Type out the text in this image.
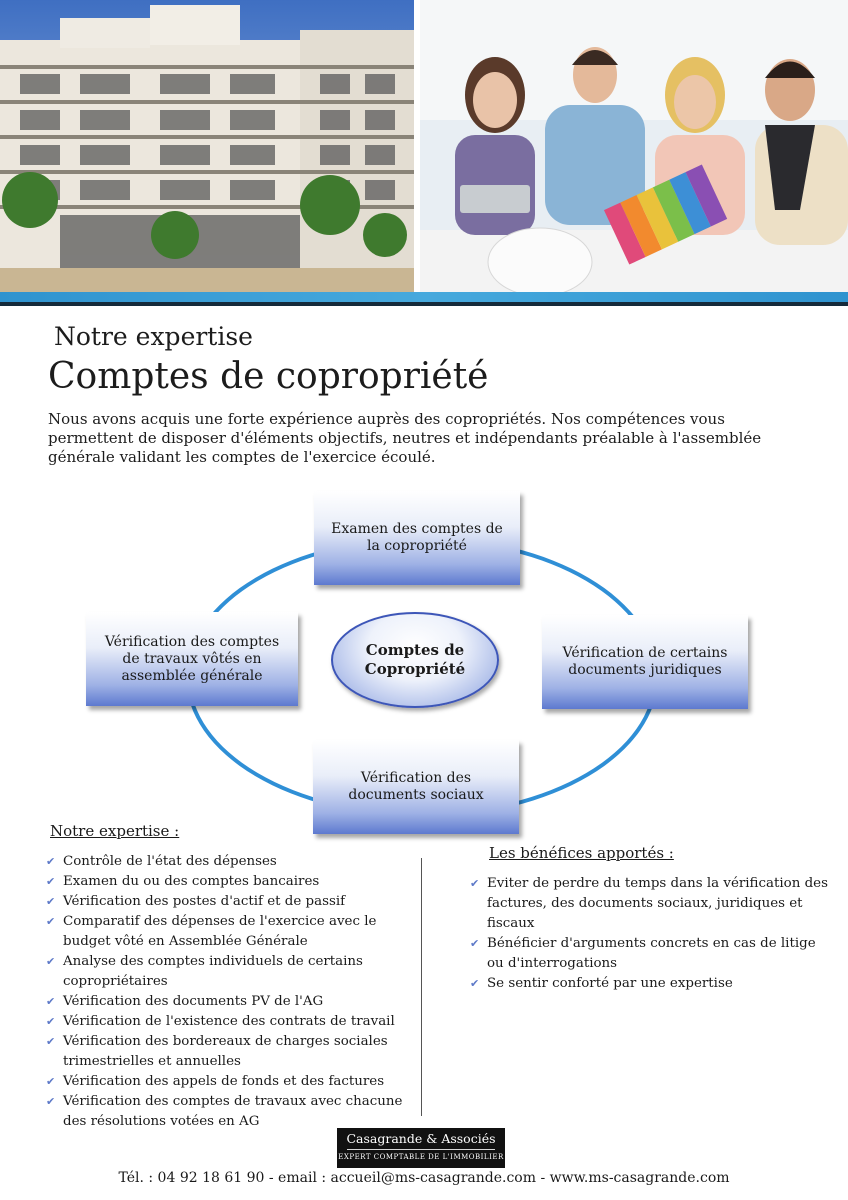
Notre expertise
Comptes de copropriété
Nous avons acquis une forte expérience auprès des copropriétés. Nos compétences vous permettent de disposer d'éléments objectifs, neutres et indépendants préalable à l'assemblée générale validant les comptes de l'exercice écoulé.
Examen des comptes de la copropriété
Vérification des comptes de travaux vôtés en assemblée générale
Vérification de certains documents juridiques
Vérification des documents sociaux
Comptes de Copropriété
Notre expertise :
✔ Contrôle de l'état des dépenses
✔ Examen du ou des comptes bancaires
✔ Vérification des postes d'actif et de passif
✔ Comparatif des dépenses de l'exercice avec le budget vôté en Assemblée Générale
✔ Analyse des comptes individuels de certains copropriétaires
✔ Vérification des documents PV de l'AG
✔ Vérification de l'existence des contrats de travail
✔ Vérification des bordereaux de charges sociales trimestrielles et annuelles
✔ Vérification des appels de fonds et des factures
✔ Vérification des comptes de travaux avec chacune des résolutions votées en AG
Les bénéfices apportés :
✔ Eviter de perdre du temps dans la vérification des factures, des documents sociaux, juridiques et fiscaux
✔ Bénéficier d'arguments concrets en cas de litige ou d'interrogations
✔ Se sentir conforté par une expertise
Casagrande & Associés
EXPERT COMPTABLE DE L'IMMOBILIER
Tél. : 04 92 18 61 90 - email : accueil@ms-casagrande.com - www.ms-casagrande.com
